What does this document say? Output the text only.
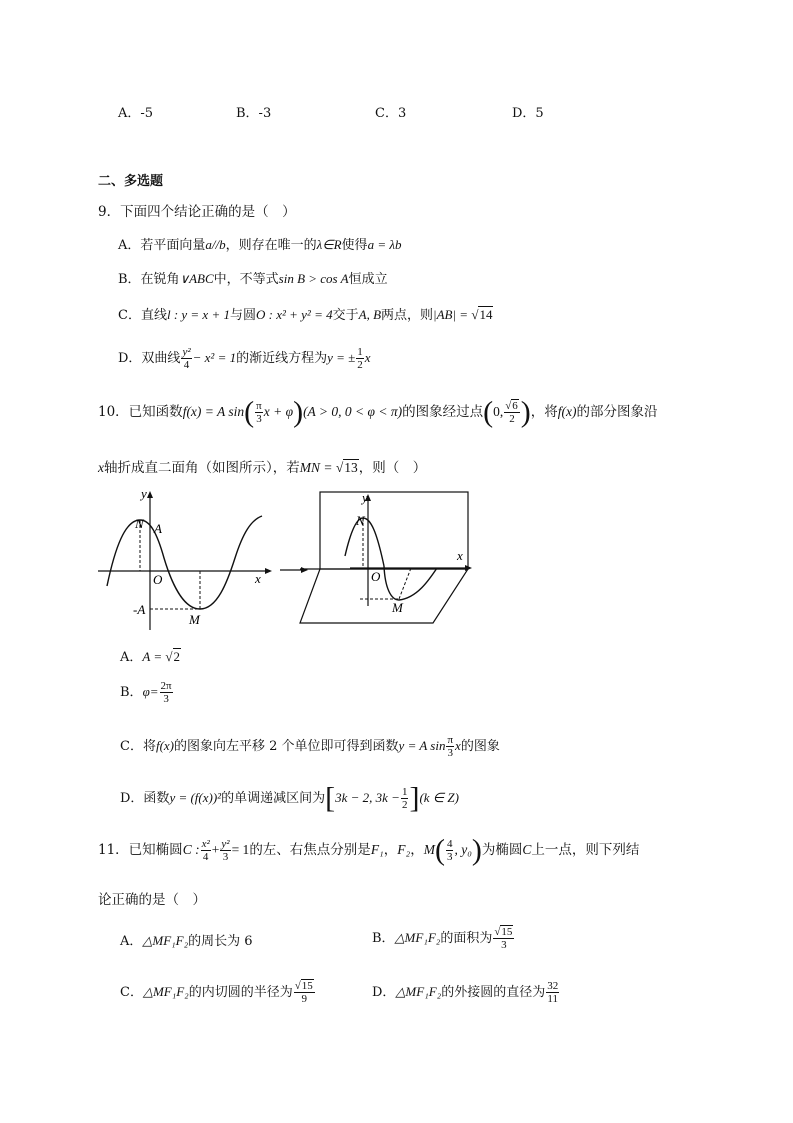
A．-5	B．-3	C．3	D．5
二、多选题
9．下面四个结论正确的是（　）
A．若平面向量a//b，则存在唯一的λ∈R使得a = λb
B．在锐角∨ABC中，不等式sin B > cos A恒成立
C．直线l : y = x + 1与圆O : x² + y² = 4交于A, B两点，则|AB| = √14
D．双曲线 $\frac{\text{y²}}{4} - x^2 = 1$的渐近线方程为y = ± $\frac{1}{2}$ x
10．已知函数f(x) = A $\sin( \frac{\pi}{3}$ x + φ)(A > 0, 0 < φ < π)的图象经过点(0, $\frac{√6}{2}$ )，将f(x)的部分图象沿
x轴折成直二面角（如图所示），若MN = √13，则（　）
y
N A
O	x
-A
M
y
N
x
O
M
A．A = √2
B．$\varphi= \frac{2\pi}{3}$
C．将f(x)的图象向左平移 2 个单位即可得到函数y = A $\sin \frac{\pi}{3}$ x的图象
D．函数y = (f(x))²的单调递减区间为[3k − 2, $3k - \frac{1}{2} ](k$ ∈ Z)
11．已知椭圆C : $\frac{\text{x²}}{4} + \frac{\text{y²}}{3} = 1$的左、右焦点分别是F₁，F₂，$M( \frac{4}{3}$ , y₀)为椭圆C上一点，则下列结
论正确的是（　）
A．△MF₁F₂的周长为 6	B．△MF₁F₂的面积为 $\frac{√15}{3}$
C．△MF₁F₂的内切圆的半径为 $\frac{√15}{9}$	D．△MF₁F₂的外接圆的直径为 $\frac{32}{11}$
